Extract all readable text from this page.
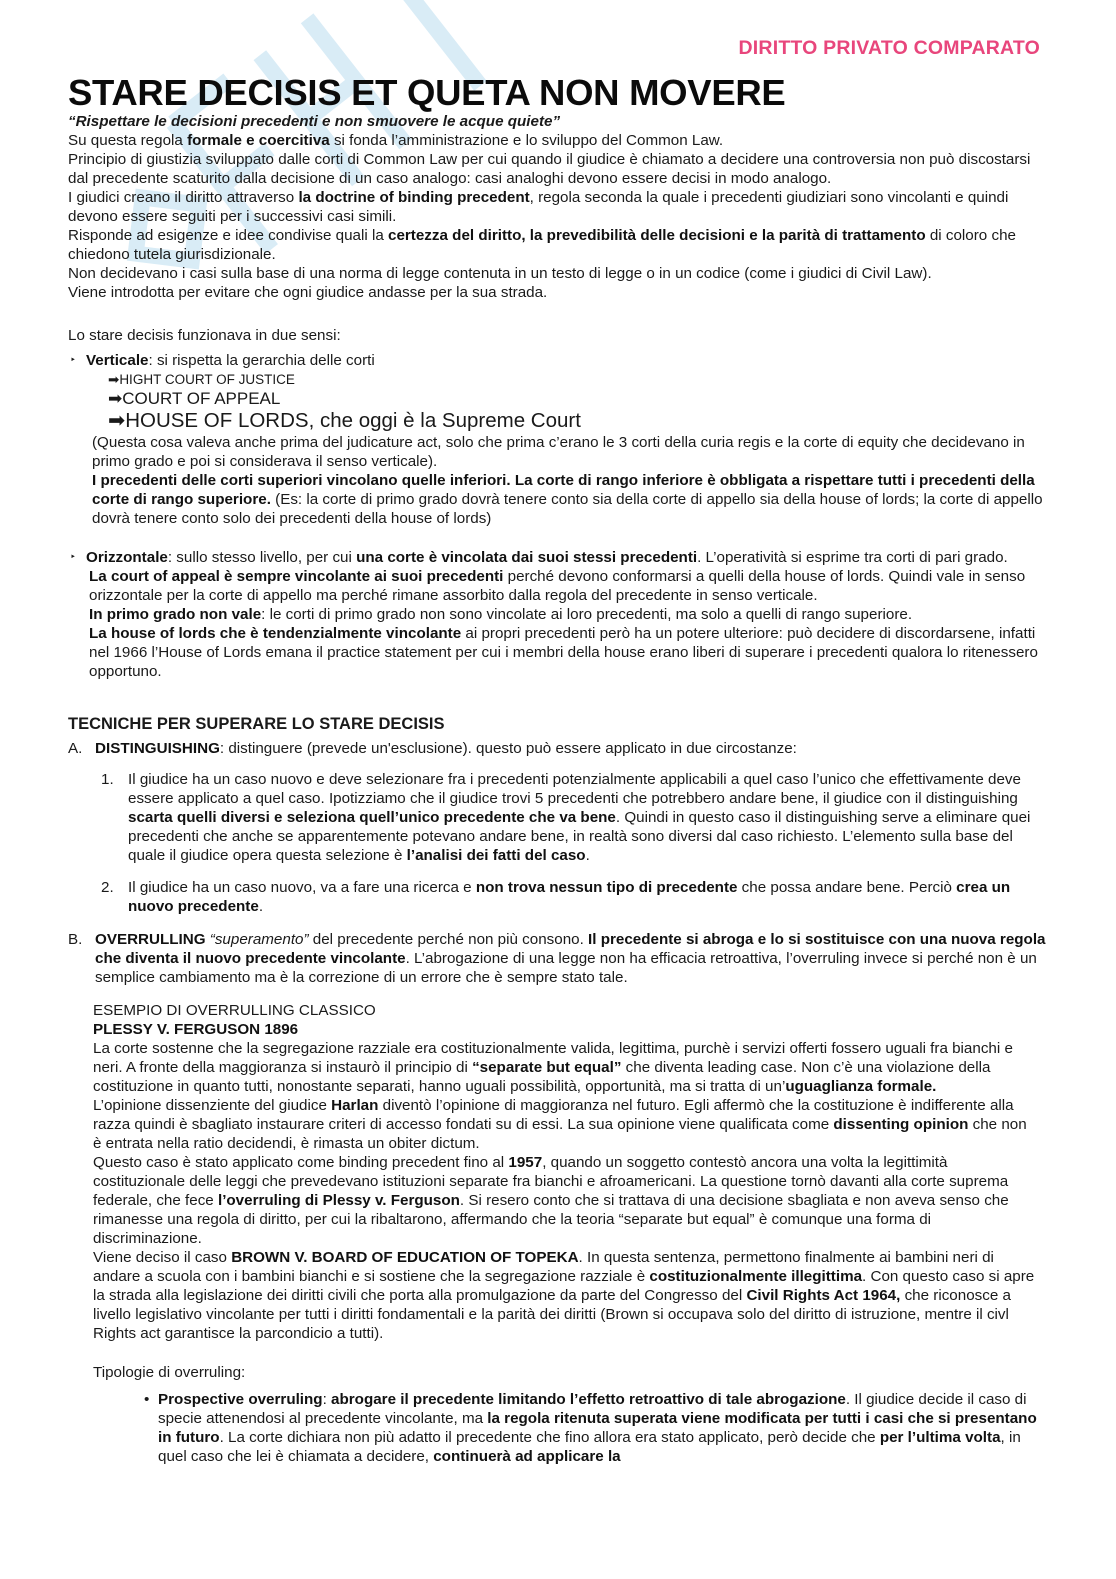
DIRITTO PRIVATO COMPARATO
STARE DECISIS ET QUETA NON MOVERE

“Rispettare le decisioni precedenti e non smuovere le acque quiete”

Su questa regola formale e coercitiva si fonda l’amministrazione e lo sviluppo del Common Law.

Principio di giustizia sviluppato dalle corti di Common Law per cui quando il giudice è chiamato a decidere una controversia non può discostarsi dal precedente scaturito dalla decisione di un caso analogo: casi analoghi devono essere decisi in modo analogo.

I giudici creano il diritto attraverso la doctrine of binding precedent, regola seconda la quale i precedenti giudiziari sono vincolanti e quindi devono essere seguiti per i successivi casi simili.

Risponde ad esigenze e idee condivise quali la certezza del diritto, la prevedibilità delle decisioni e la parità di trattamento di coloro che chiedono tutela giurisdizionale.

Non decidevano i casi sulla base di una norma di legge contenuta in un testo di legge o in un codice (come i giudici di Civil Law).

Viene introdotta per evitare che ogni giudice andasse per la sua strada.

Lo stare decisis funzionava in due sensi:

‣ Verticale: si rispetta la gerarchia delle corti

➡HIGHT COURT OF JUSTICE
➡COURT OF APPEAL
➡HOUSE OF LORDS, che oggi è la Supreme Court

(Questa cosa valeva anche prima del judicature act, solo che prima c’erano le 3 corti della curia regis e la corte di equity che decidevano in primo grado e poi si considerava il senso verticale).

I precedenti delle corti superiori vincolano quelle inferiori. La corte di rango inferiore è obbligata a rispettare tutti i precedenti della corte di rango superiore. (Es: la corte di primo grado dovrà tenere conto sia della corte di appello sia della house of lords; la corte di appello dovrà tenere conto solo dei precedenti della house of lords)

‣ Orizzontale: sullo stesso livello, per cui una corte è vincolata dai suoi stessi precedenti. L’operatività si esprime tra corti di pari grado.

La court of appeal è sempre vincolante ai suoi precedenti perché devono conformarsi a quelli della house of lords. Quindi vale in senso orizzontale per la corte di appello ma perché rimane assorbito dalla regola del precedente in senso verticale.

In primo grado non vale: le corti di primo grado non sono vincolate ai loro precedenti, ma solo a quelli di rango superiore.

La house of lords che è tendenzialmente vincolante ai propri precedenti però ha un potere ulteriore: può decidere di discordarsene, infatti nel 1966 l’House of Lords emana il practice statement per cui i membri della house erano liberi di superare i precedenti qualora lo ritenessero opportuno.

TECNICHE PER SUPERARE LO STARE DECISIS

A. DISTINGUISHING: distinguere (prevede un'esclusione). questo può essere applicato in due circostanze:

1. Il giudice ha un caso nuovo e deve selezionare fra i precedenti potenzialmente applicabili a quel caso l’unico che effettivamente deve essere applicato a quel caso. Ipotizziamo che il giudice trovi 5 precedenti che potrebbero andare bene, il giudice con il distinguishing scarta quelli diversi e seleziona quell’unico precedente che va bene. Quindi in questo caso il distinguishing serve a eliminare quei precedenti che anche se apparentemente potevano andare bene, in realtà sono diversi dal caso richiesto. L’elemento sulla base del quale il giudice opera questa selezione è l’analisi dei fatti del caso.

2. Il giudice ha un caso nuovo, va a fare una ricerca e non trova nessun tipo di precedente che possa andare bene. Perciò crea un nuovo precedente.

B. OVERRULLING “superamento” del precedente perché non più consono. Il precedente si abroga e lo si sostituisce con una nuova regola che diventa il nuovo precedente vincolante. L’abrogazione di una legge non ha efficacia retroattiva, l’overruling invece si perché non è un semplice cambiamento ma è la correzione di un errore che è sempre stato tale.

ESEMPIO DI OVERRULLING CLASSICO

PLESSY V. FERGUSON 1896

La corte sostenne che la segregazione razziale era costituzionalmente valida, legittima, purchè i servizi offerti fossero uguali fra bianchi e neri. A fronte della maggioranza si instaurò il principio di “separate but equal” che diventa leading case. Non c’è una violazione della costituzione in quanto tutti, nonostante separati, hanno uguali possibilità, opportunità, ma si tratta di un’uguaglianza formale.

L’opinione dissenziente del giudice Harlan diventò l’opinione di maggioranza nel futuro. Egli affermò che la costituzione è indifferente alla razza quindi è sbagliato instaurare criteri di accesso fondati su di essi. La sua opinione viene qualificata come dissenting opinion che non è entrata nella ratio decidendi, è rimasta un obiter dictum.

Questo caso è stato applicato come binding precedent fino al 1957, quando un soggetto contestò ancora una volta la legittimità costituzionale delle leggi che prevedevano istituzioni separate fra bianchi e afroamericani. La questione tornò davanti alla corte suprema federale, che fece l’overruling di Plessy v. Ferguson. Si resero conto che si trattava di una decisione sbagliata e non aveva senso che rimanesse una regola di diritto, per cui la ribaltarono, affermando che la teoria “separate but equal” è comunque una forma di discriminazione.

Viene deciso il caso BROWN V. BOARD OF EDUCATION OF TOPEKA. In questa sentenza, permettono finalmente ai bambini neri di andare a scuola con i bambini bianchi e si sostiene che la segregazione razziale è costituzionalmente illegittima. Con questo caso si apre la strada alla legislazione dei diritti civili che porta alla promulgazione da parte del Congresso del Civil Rights Act 1964, che riconosce a livello legislativo vincolante per tutti i diritti fondamentali e la parità dei diritti (Brown si occupava solo del diritto di istruzione, mentre il civl Rights act garantisce la parcondicio a tutti).

Tipologie di overruling:

• Prospective overruling: abrogare il precedente limitando l’effetto retroattivo di tale abrogazione. Il giudice decide il caso di specie attenendosi al precedente vincolante, ma la regola ritenuta superata viene modificata per tutti i casi che si presentano in futuro. La corte dichiara non più adatto il precedente che fino allora era stato applicato, però decide che per l’ultima volta, in quel caso che lei è chiamata a decidere, continuerà ad applicare la
